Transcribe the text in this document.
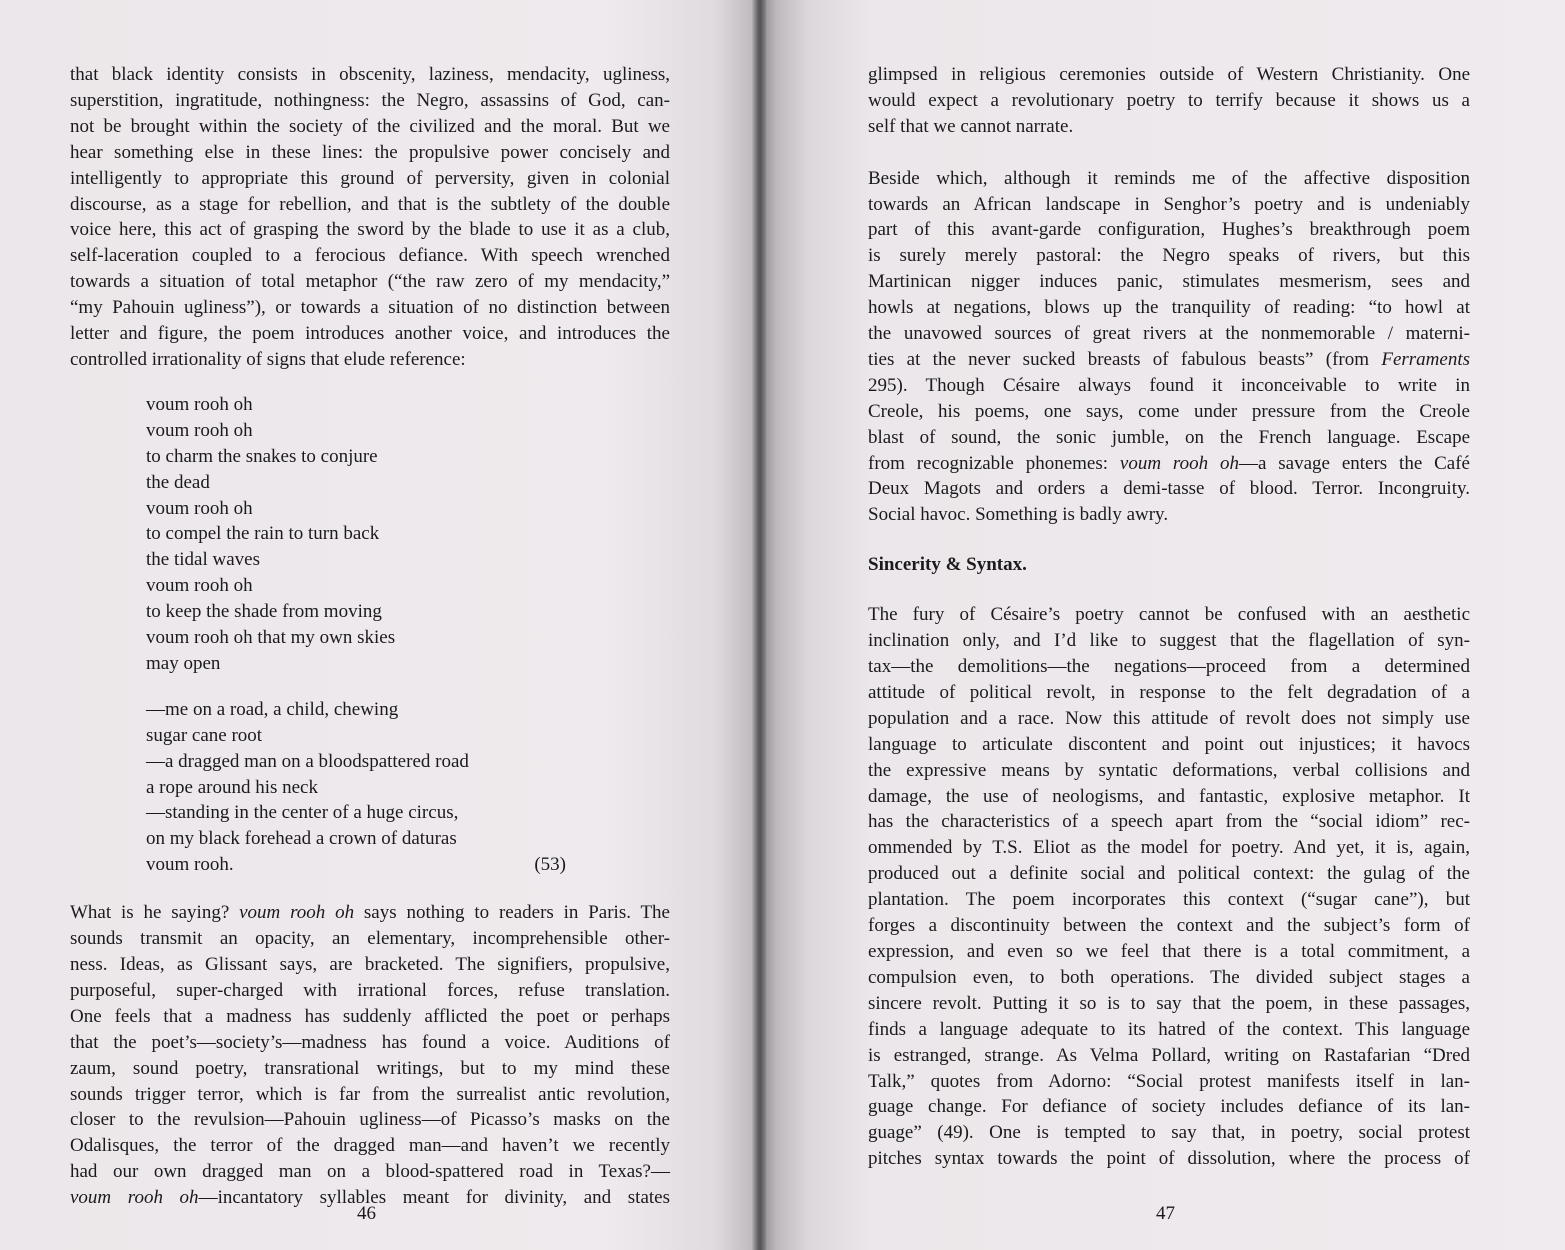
that black identity consists in obscenity, laziness, mendacity, ugliness,
superstition, ingratitude, nothingness: the Negro, assassins of God, can-
not be brought within the society of the civilized and the moral. But we
hear something else in these lines: the propulsive power concisely and
intelligently to appropriate this ground of perversity, given in colonial
discourse, as a stage for rebellion, and that is the subtlety of the double
voice here, this act of grasping the sword by the blade to use it as a club,
self-laceration coupled to a ferocious defiance. With speech wrenched
towards a situation of total metaphor (“the raw zero of my mendacity,”
“my Pahouin ugliness”), or towards a situation of no distinction between
letter and figure, the poem introduces another voice, and introduces the
controlled irrationality of signs that elude reference:
voum rooh oh
voum rooh oh
to charm the snakes to conjure
the dead
voum rooh oh
to compel the rain to turn back
the tidal waves
voum rooh oh
to keep the shade from moving
voum rooh oh that my own skies
may open
—me on a road, a child, chewing
sugar cane root
—a dragged man on a bloodspattered road
a rope around his neck
—standing in the center of a huge circus,
on my black forehead a crown of daturas
voum rooh.	(53)
What is he saying? voum rooh oh says nothing to readers in Paris. The
sounds transmit an opacity, an elementary, incomprehensible other-
ness. Ideas, as Glissant says, are bracketed. The signifiers, propulsive,
purposeful, super-charged with irrational forces, refuse translation.
One feels that a madness has suddenly afflicted the poet or perhaps
that the poet’s—society’s—madness has found a voice. Auditions of
zaum, sound poetry, transrational writings, but to my mind these
sounds trigger terror, which is far from the surrealist antic revolution,
closer to the revulsion—Pahouin ugliness—of Picasso’s masks on the
Odalisques, the terror of the dragged man—and haven’t we recently
had our own dragged man on a blood-spattered road in Texas?—
voum rooh oh—incantatory syllables meant for divinity, and states
46
glimpsed in religious ceremonies outside of Western Christianity. One
would expect a revolutionary poetry to terrify because it shows us a
self that we cannot narrate.
Beside which, although it reminds me of the affective disposition
towards an African landscape in Senghor’s poetry and is undeniably
part of this avant-garde configuration, Hughes’s breakthrough poem
is surely merely pastoral: the Negro speaks of rivers, but this
Martinican nigger induces panic, stimulates mesmerism, sees and
howls at negations, blows up the tranquility of reading: “to howl at
the unavowed sources of great rivers at the nonmemorable / materni-
ties at the never sucked breasts of fabulous beasts” (from Ferraments
295). Though Césaire always found it inconceivable to write in
Creole, his poems, one says, come under pressure from the Creole
blast of sound, the sonic jumble, on the French language. Escape
from recognizable phonemes: voum rooh oh—a savage enters the Café
Deux Magots and orders a demi-tasse of blood. Terror. Incongruity.
Social havoc. Something is badly awry.
Sincerity & Syntax.
The fury of Césaire’s poetry cannot be confused with an aesthetic
inclination only, and I’d like to suggest that the flagellation of syn-
tax—the demolitions—the negations—proceed from a determined
attitude of political revolt, in response to the felt degradation of a
population and a race. Now this attitude of revolt does not simply use
language to articulate discontent and point out injustices; it havocs
the expressive means by syntatic deformations, verbal collisions and
damage, the use of neologisms, and fantastic, explosive metaphor. It
has the characteristics of a speech apart from the “social idiom” rec-
ommended by T.S. Eliot as the model for poetry. And yet, it is, again,
produced out a definite social and political context: the gulag of the
plantation. The poem incorporates this context (“sugar cane”), but
forges a discontinuity between the context and the subject’s form of
expression, and even so we feel that there is a total commitment, a
compulsion even, to both operations. The divided subject stages a
sincere revolt. Putting it so is to say that the poem, in these passages,
finds a language adequate to its hatred of the context. This language
is estranged, strange. As Velma Pollard, writing on Rastafarian “Dred
Talk,” quotes from Adorno: “Social protest manifests itself in lan-
guage change. For defiance of society includes defiance of its lan-
guage” (49). One is tempted to say that, in poetry, social protest
pitches syntax towards the point of dissolution, where the process of
47
